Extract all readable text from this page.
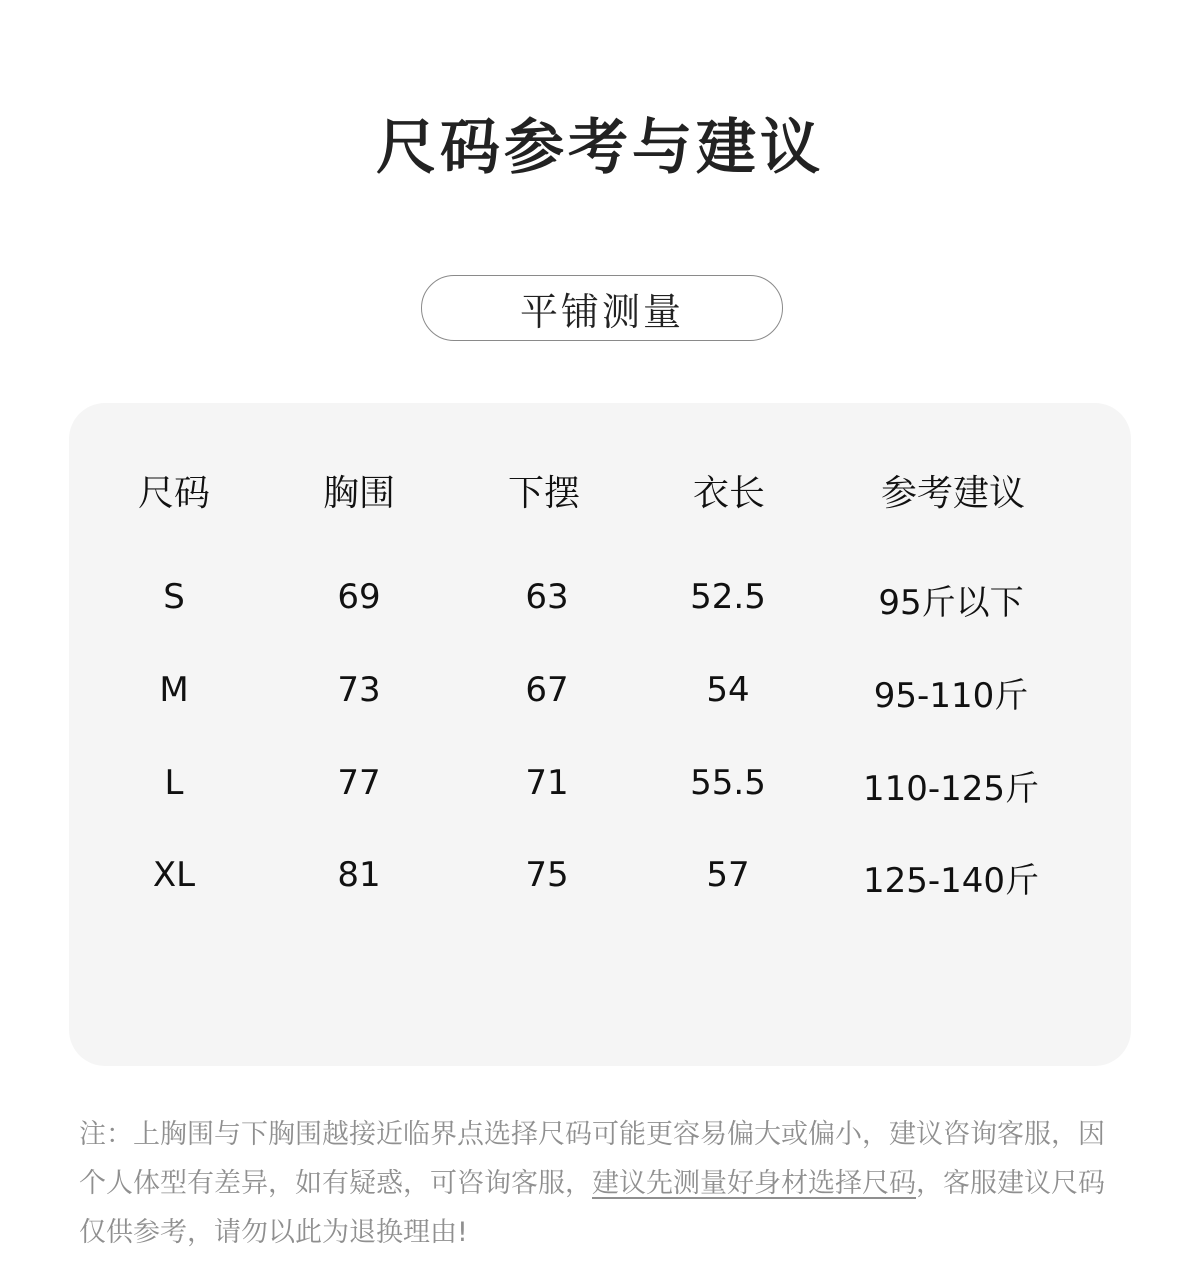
尺码参考与建议
平铺测量
尺码	胸围	下摆	衣长	参考建议
S	69	63	52.5	95斤以下
M	73	67	54	95-110斤
L	77	71	55.5	110-125斤
XL	81	75	57	125-140斤
注：上胸围与下胸围越接近临界点选择尺码可能更容易偏大或偏小，建议咨询客服，因个人体型有差异，如有疑惑，可咨询客服，建议先测量好身材选择尺码，客服建议尺码仅供参考，请勿以此为退换理由!
